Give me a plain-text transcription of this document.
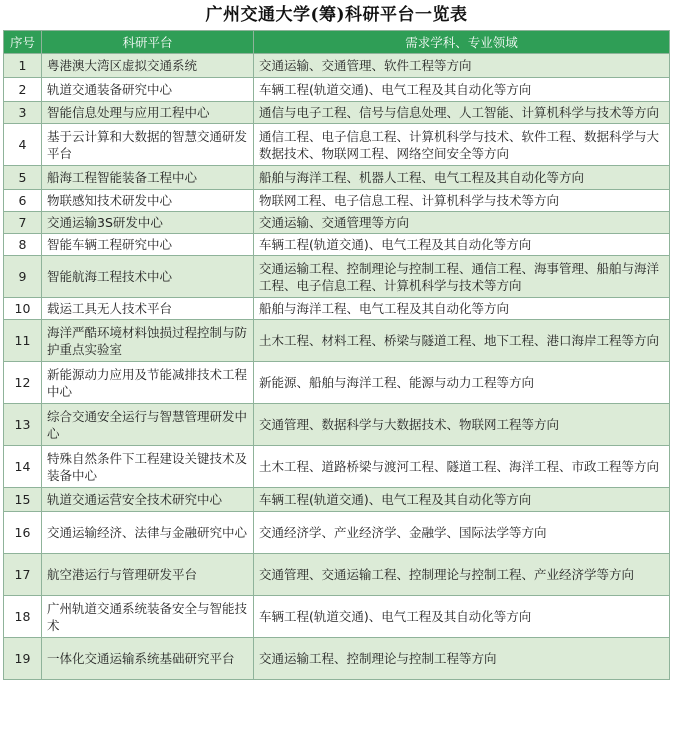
广州交通大学(筹)科研平台一览表
序号	科研平台	需求学科、专业领域
1	粤港澳大湾区虚拟交通系统	交通运输、交通管理、软件工程等方向
2	轨道交通装备研究中心	车辆工程(轨道交通)、电气工程及其自动化等方向
3	智能信息处理与应用工程中心	通信与电子工程、信号与信息处理、人工智能、计算机科学与技术等方向
4	基于云计算和大数据的智慧交通研发平台	通信工程、电子信息工程、计算机科学与技术、软件工程、数据科学与大数据技术、物联网工程、网络空间安全等方向
5	船海工程智能装备工程中心	船舶与海洋工程、机器人工程、电气工程及其自动化等方向
6	物联感知技术研发中心	物联网工程、电子信息工程、计算机科学与技术等方向
7	交通运输3S研发中心	交通运输、交通管理等方向
8	智能车辆工程研究中心	车辆工程(轨道交通)、电气工程及其自动化等方向
9	智能航海工程技术中心	交通运输工程、控制理论与控制工程、通信工程、海事管理、船舶与海洋工程、电子信息工程、计算机科学与技术等方向
10	载运工具无人技术平台	船舶与海洋工程、电气工程及其自动化等方向
11	海洋严酷环境材料蚀损过程控制与防护重点实验室	土木工程、材料工程、桥梁与隧道工程、地下工程、港口海岸工程等方向
12	新能源动力应用及节能减排技术工程中心	新能源、船舶与海洋工程、能源与动力工程等方向
13	综合交通安全运行与智慧管理研发中心	交通管理、数据科学与大数据技术、物联网工程等方向
14	特殊自然条件下工程建设关键技术及装备中心	土木工程、道路桥梁与渡河工程、隧道工程、海洋工程、市政工程等方向
15	轨道交通运营安全技术研究中心	车辆工程(轨道交通)、电气工程及其自动化等方向
16	交通运输经济、法律与金融研究中心	交通经济学、产业经济学、金融学、国际法学等方向
17	航空港运行与管理研发平台	交通管理、交通运输工程、控制理论与控制工程、产业经济学等方向
18	广州轨道交通系统装备安全与智能技术	车辆工程(轨道交通)、电气工程及其自动化等方向
19	一体化交通运输系统基础研究平台	交通运输工程、控制理论与控制工程等方向
